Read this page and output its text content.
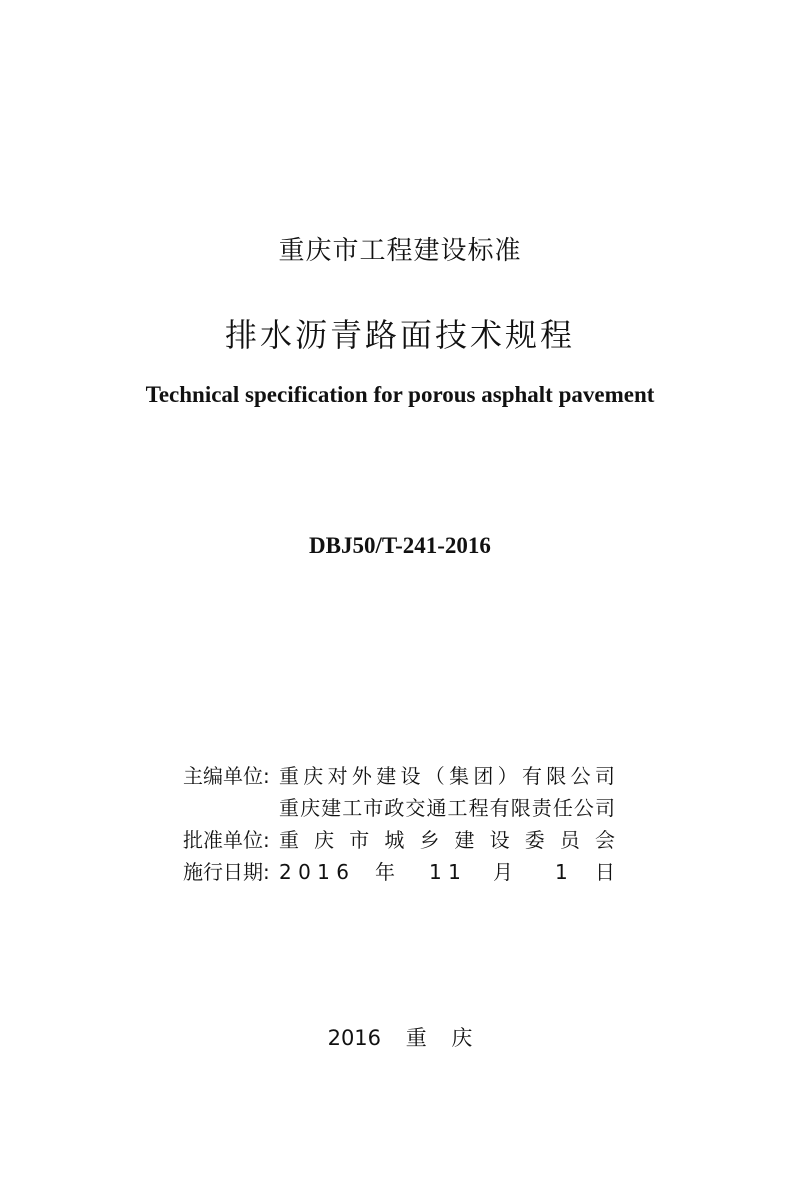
重庆市工程建设标准
排水沥青路面技术规程
Technical specification for porous asphalt pavement
DBJ50/T-241-2016
主编单位: 重 庆 对 外 建 设 （ 集 团 ） 有 限 公 司
重 庆 建 工 市 政 交 通 工 程 有 限 责 任 公 司
批准单位: 重 庆 市 城 乡 建 设 委 员 会
施行日期: 2 0 1 6 年 1 1 月 1 日
2016 重 庆
